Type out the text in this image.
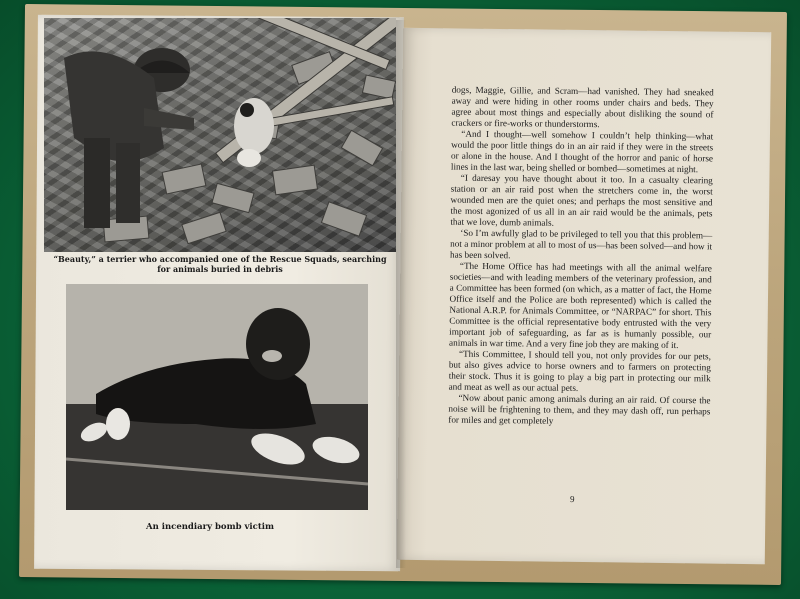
“Beauty,” a terrier who accompanied one of the Rescue Squads, searching for animals buried in debris
An incendiary bomb victim

dogs, Maggie, Gillie, and Scram—had vanished. They had sneaked away and were hiding in other rooms under chairs and beds. They agree about most things and especially about disliking the sound of crackers or fire-works or thunderstorms.

“And I thought—well somehow I couldn’t help thinking—what would the poor little things do in an air raid if they were in the streets or alone in the house. And I thought of the horror and panic of horse lines in the last war, being shelled or bombed—sometimes at night.

“I daresay you have thought about it too. In a casualty clearing station or an air raid post when the stretchers come in, the worst wounded men are the quiet ones; and perhaps the most sensitive and the most agonized of us all in an air raid would be the animals, pets that we love, dumb animals.

‘So I’m awfully glad to be privileged to tell you that this problem—not a minor problem at all to most of us—has been solved—and how it has been solved.

“The Home Office has had meetings with all the animal welfare societies—and with leading members of the veterinary profession, and a Committee has been formed (on which, as a matter of fact, the Home Office itself and the Police are both represented) which is called the National A.R.P. for Animals Committee, or “NARPAC” for short. This Committee is the official representative body entrusted with the very important job of safeguarding, as far as is humanly possible, our animals in war time. And a very fine job they are making of it.

“This Committee, I should tell you, not only provides for our pets, but also gives advice to horse owners and to farmers on protecting their stock. Thus it is going to play a big part in protecting our milk and meat as well as our actual pets.

“Now about panic among animals during an air raid. Of course the noise will be frightening to them, and they may dash off, run perhaps for miles and get completely

9
